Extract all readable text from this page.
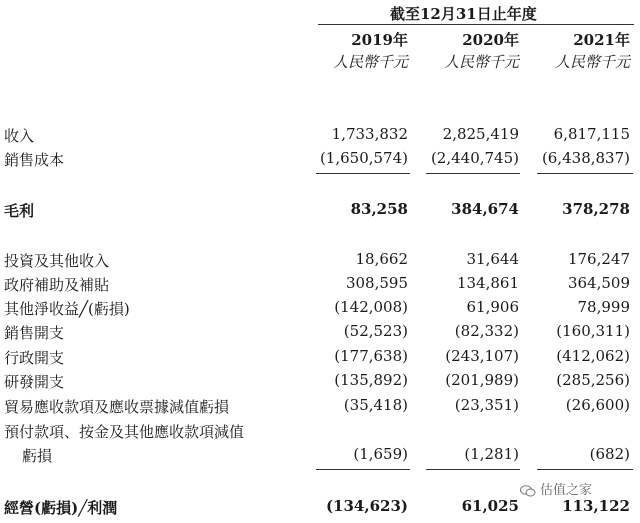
截至12月31日止年度
2019年	2020年	2021年
人民幣千元 人民幣千元 人民幣千元
收入	1,733,832 2,825,419 6,817,115
銷售成本	(1,650,574) (2,440,745) (6,438,837)
毛利	83,258	384,674	378,278
投資及其他收入	18,662	31,644	176,247
政府補助及補貼	308,595	134,861	364,509
其他淨收益╱(虧損)	(142,008)	61,906	78,999
銷售開支	(52,523)	(82,332) (160,311)
行政開支	(177,638) (243,107) (412,062)
研發開支	(135,892) (201,989) (285,256)
貿易應收款項及應收票據減值虧損	(35,418)	(23,351)	(26,600)
預付款項、按金及其他應收款項減值
虧損	(1,659)	(1,281)	(682)
經營(虧損)╱利潤	(134,623)	61,025	113,122
估值之家
